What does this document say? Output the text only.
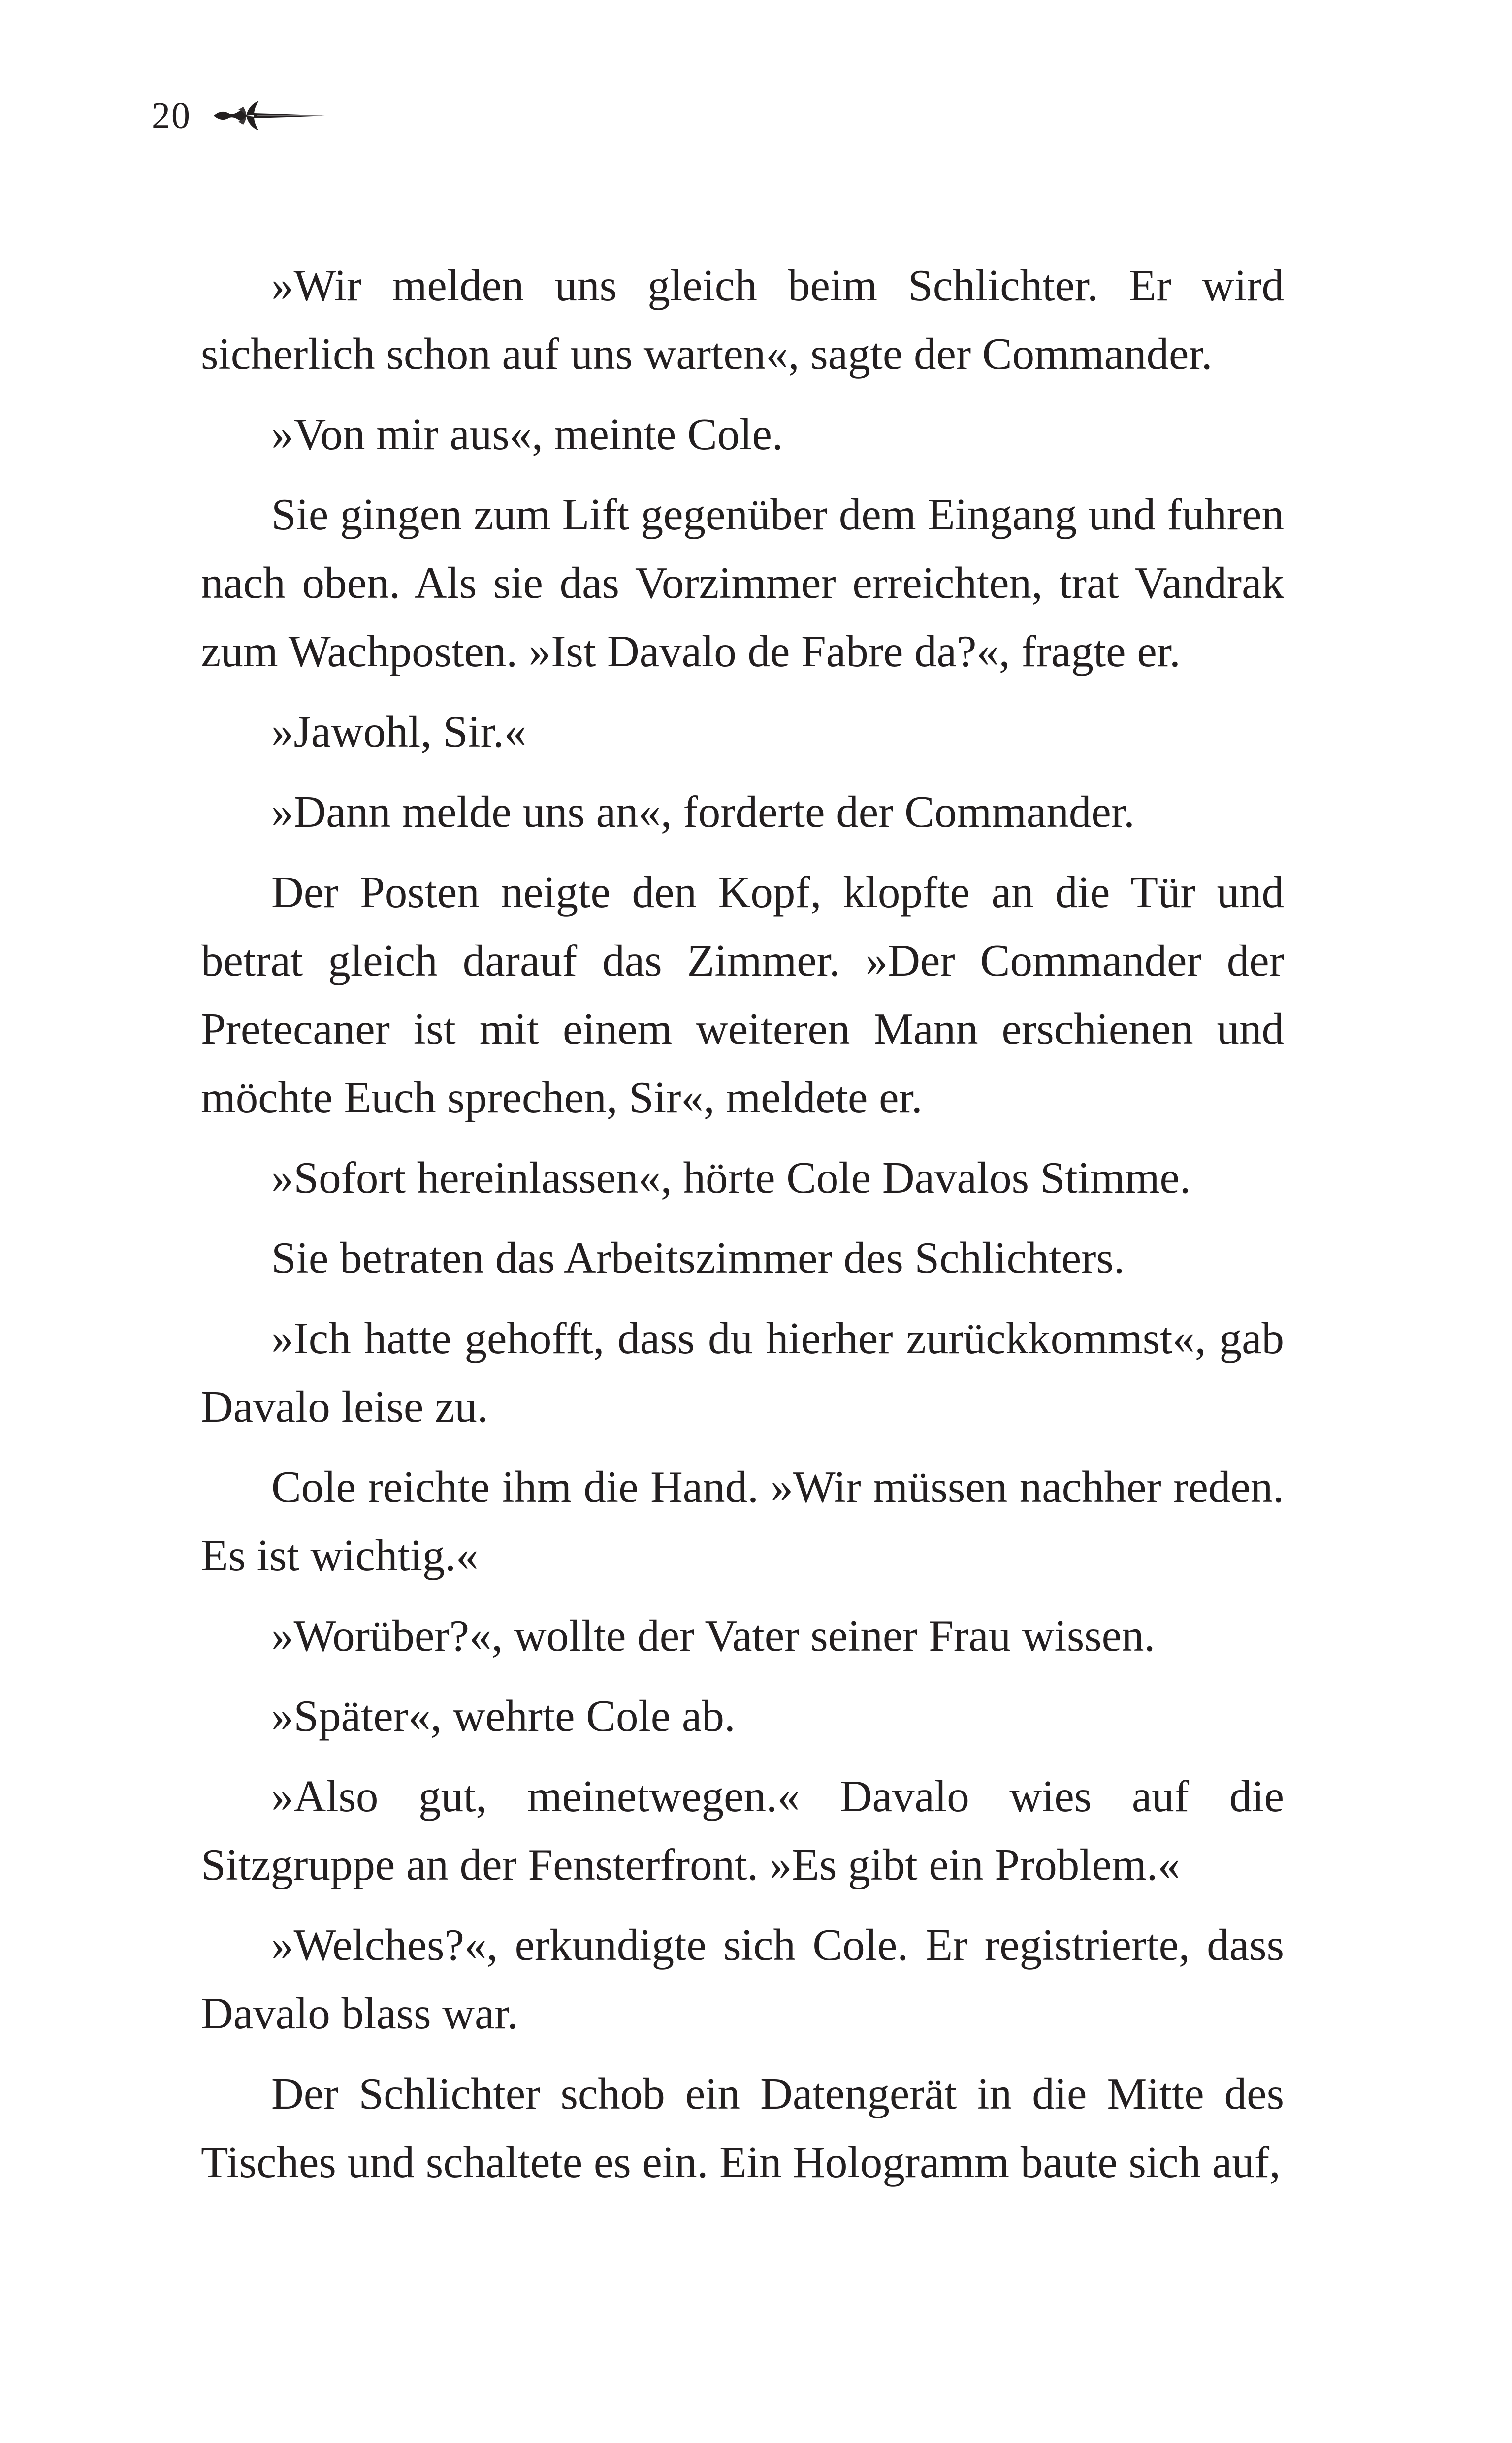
20

»Wir melden uns gleich beim Schlichter. Er wird sicherlich schon auf uns warten«, sagte der Commander.

»Von mir aus«, meinte Cole.

Sie gingen zum Lift gegenüber dem Eingang und fuhren nach oben. Als sie das Vorzimmer erreichten, trat Vandrak zum Wachposten. »Ist Davalo de Fabre da?«, fragte er.

»Jawohl, Sir.«

»Dann melde uns an«, forderte der Commander.

Der Posten neigte den Kopf, klopfte an die Tür und betrat gleich darauf das Zimmer. »Der Commander der Pretecaner ist mit einem weiteren Mann erschienen und möchte Euch sprechen, Sir«, meldete er.

»Sofort hereinlassen«, hörte Cole Davalos Stimme.

Sie betraten das Arbeitszimmer des Schlichters.

»Ich hatte gehofft, dass du hierher zurückkommst«, gab Davalo leise zu.

Cole reichte ihm die Hand. »Wir müssen nachher reden. Es ist wichtig.«

»Worüber?«, wollte der Vater seiner Frau wissen.

»Später«, wehrte Cole ab.

»Also gut, meinetwegen.« Davalo wies auf die Sitzgruppe an der Fensterfront. »Es gibt ein Problem.«

»Welches?«, erkundigte sich Cole. Er registrierte, dass Davalo blass war.

Der Schlichter schob ein Datengerät in die Mitte des Tisches und schaltete es ein. Ein Hologramm baute sich auf,
